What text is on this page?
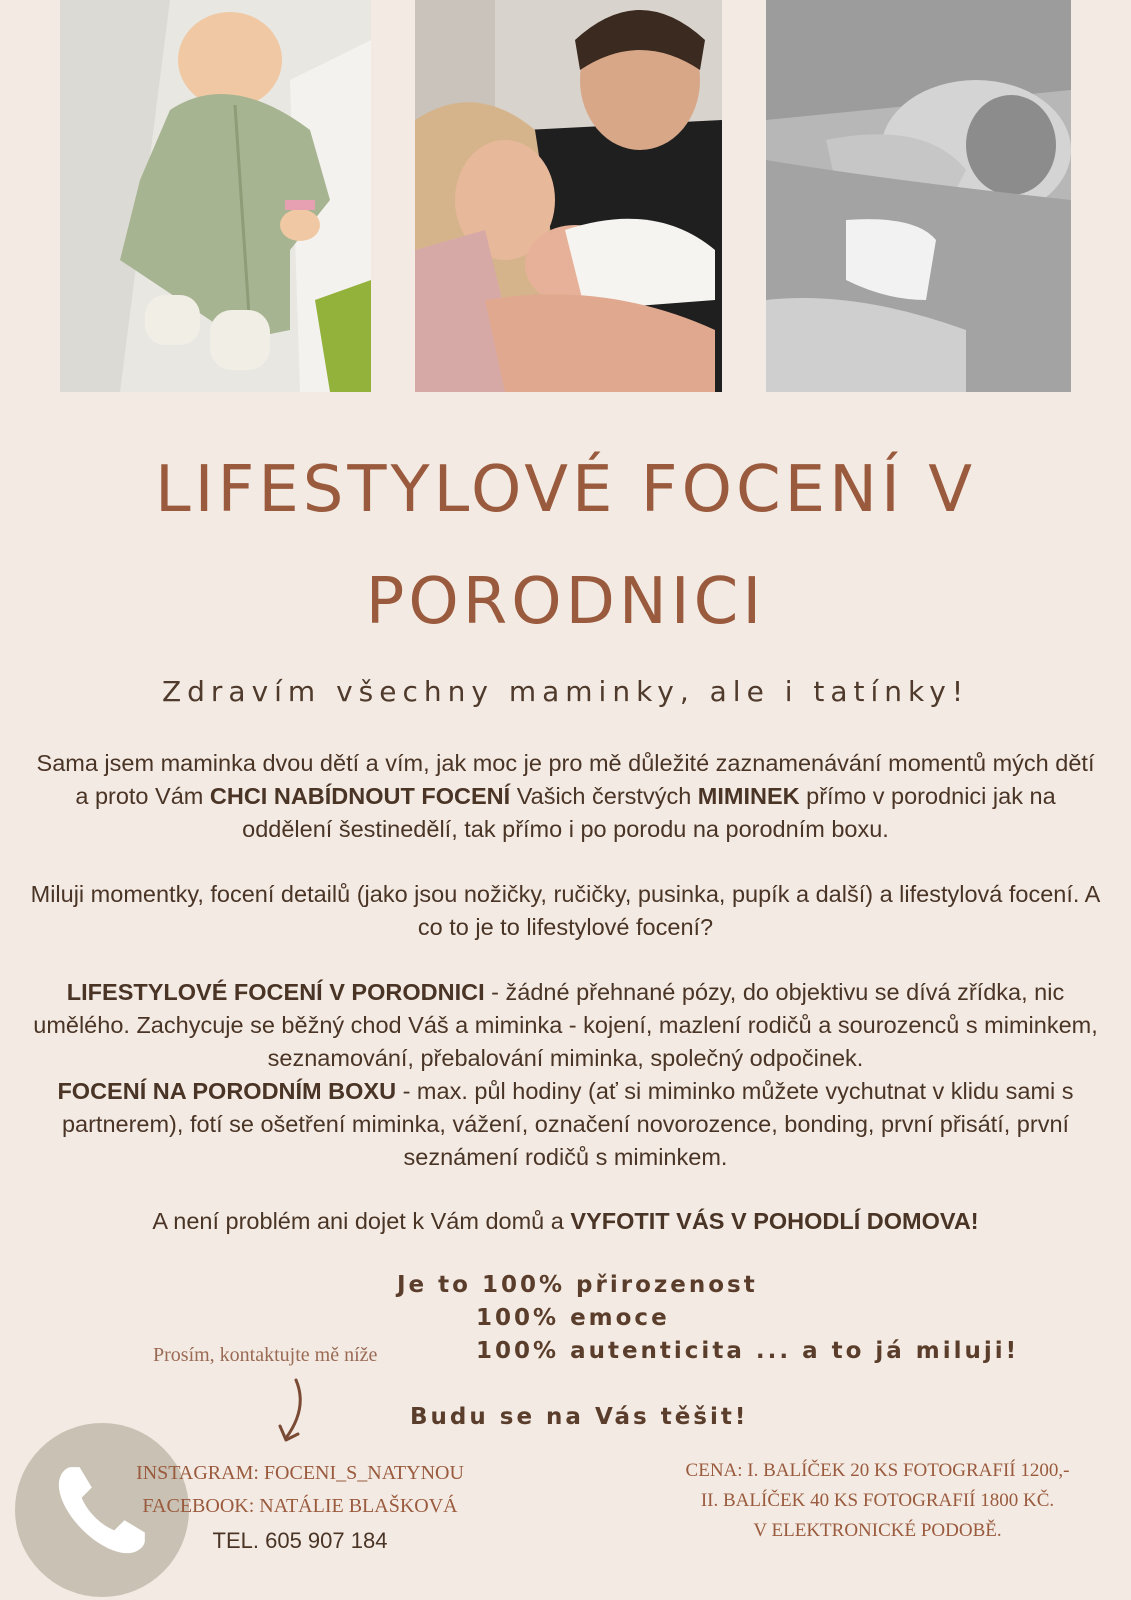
LIFESTYLOVÉ FOCENÍ V
PORODNICI
Zdravím všechny maminky, ale i tatínky!
Sama jsem maminka dvou dětí a vím, jak moc je pro mě důležité zaznamenávání momentů mých dětí a proto Vám CHCI NABÍDNOUT FOCENÍ Vašich čerstvých MIMINEK přímo v porodnici jak na oddělení šestinedělí, tak přímo i po porodu na porodním boxu.
Miluji momentky, focení detailů (jako jsou nožičky, ručičky, pusinka, pupík a další) a lifestylová focení. A co to je to lifestylové focení?
LIFESTYLOVÉ FOCENÍ V PORODNICI - žádné přehnané pózy, do objektivu se dívá zřídka, nic umělého. Zachycuje se běžný chod Váš a miminka - kojení, mazlení rodičů a sourozenců s miminkem, seznamování, přebalování miminka, společný odpočinek.
FOCENÍ NA PORODNÍM BOXU - max. půl hodiny (ať si miminko můžete vychutnat v klidu sami s partnerem), fotí se ošetření miminka, vážení, označení novorozence, bonding, první přisátí, první seznámení rodičů s miminkem.
A není problém ani dojet k Vám domů a VYFOTIT VÁS V POHODLÍ DOMOVA!
Je to 100% přirozenost
100% emoce
100% autenticita ... a to já miluji!
Budu se na Vás těšit!
Prosím, kontaktujte mě níže
INSTAGRAM: FOCENI_S_NATYNOU
FACEBOOK: NATÁLIE BLAŠKOVÁ
TEL. 605 907 184
CENA: I. BALÍČEK 20 KS FOTOGRAFIÍ 1200,-
II. BALÍČEK 40 KS FOTOGRAFIÍ 1800 KČ.
V ELEKTRONICKÉ PODOBĚ.
